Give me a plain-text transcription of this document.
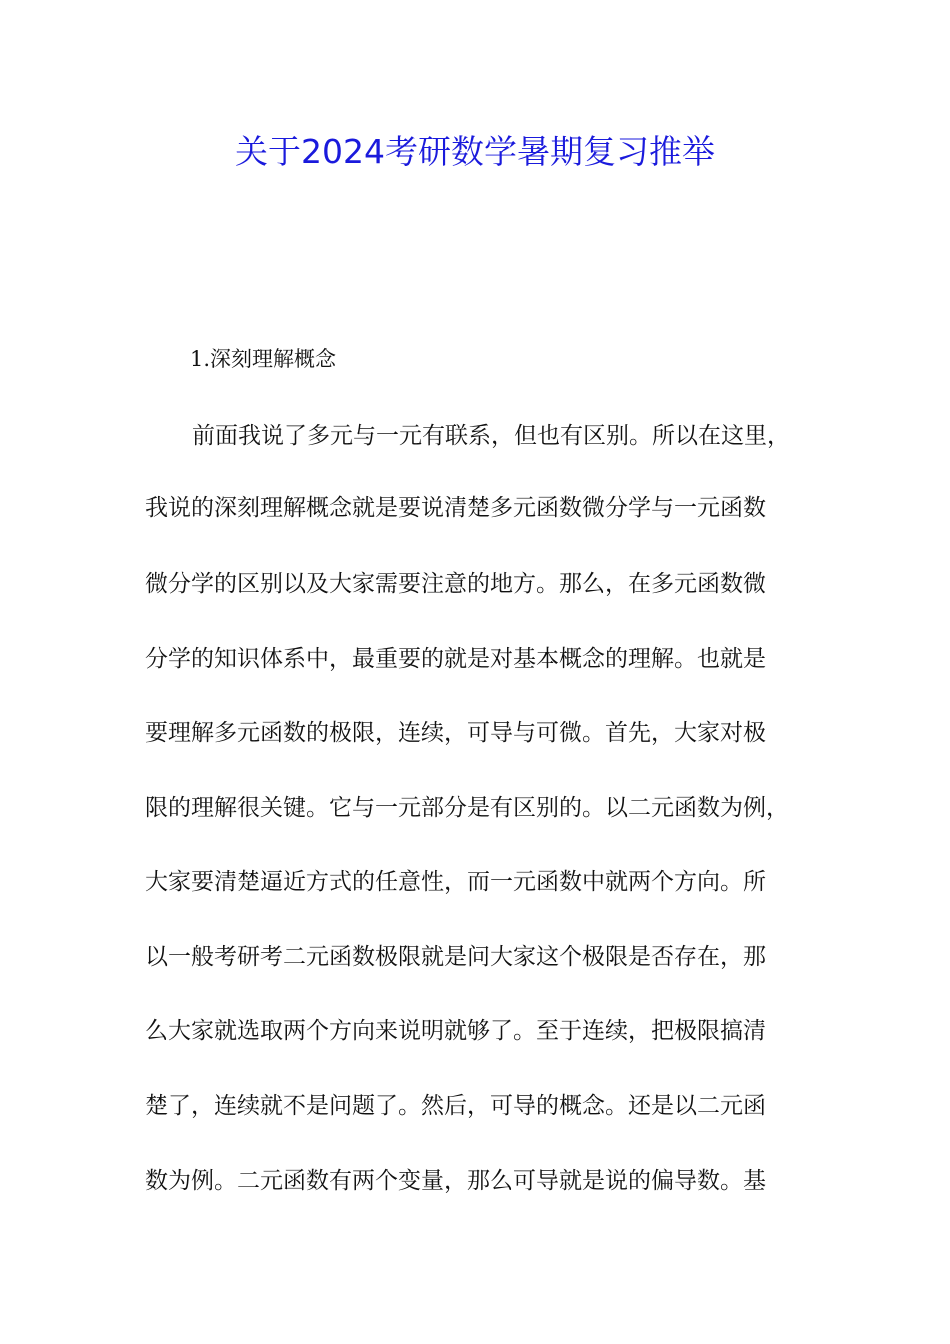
关于2024考研数学暑期复习推举

1.深刻理解概念

前面我说了多元与一元有联系，但也有区别。所以在这里，
我说的深刻理解概念就是要说清楚多元函数微分学与一元函数
微分学的区别以及大家需要注意的地方。那么，在多元函数微
分学的知识体系中，最重要的就是对基本概念的理解。也就是
要理解多元函数的极限，连续，可导与可微。首先，大家对极
限的理解很关键。它与一元部分是有区别的。以二元函数为例，
大家要清楚逼近方式的任意性，而一元函数中就两个方向。所
以一般考研考二元函数极限就是问大家这个极限是否存在，那
么大家就选取两个方向来说明就够了。至于连续，把极限搞清
楚了，连续就不是问题了。然后，可导的概念。还是以二元函
数为例。二元函数有两个变量，那么可导就是说的偏导数。基
